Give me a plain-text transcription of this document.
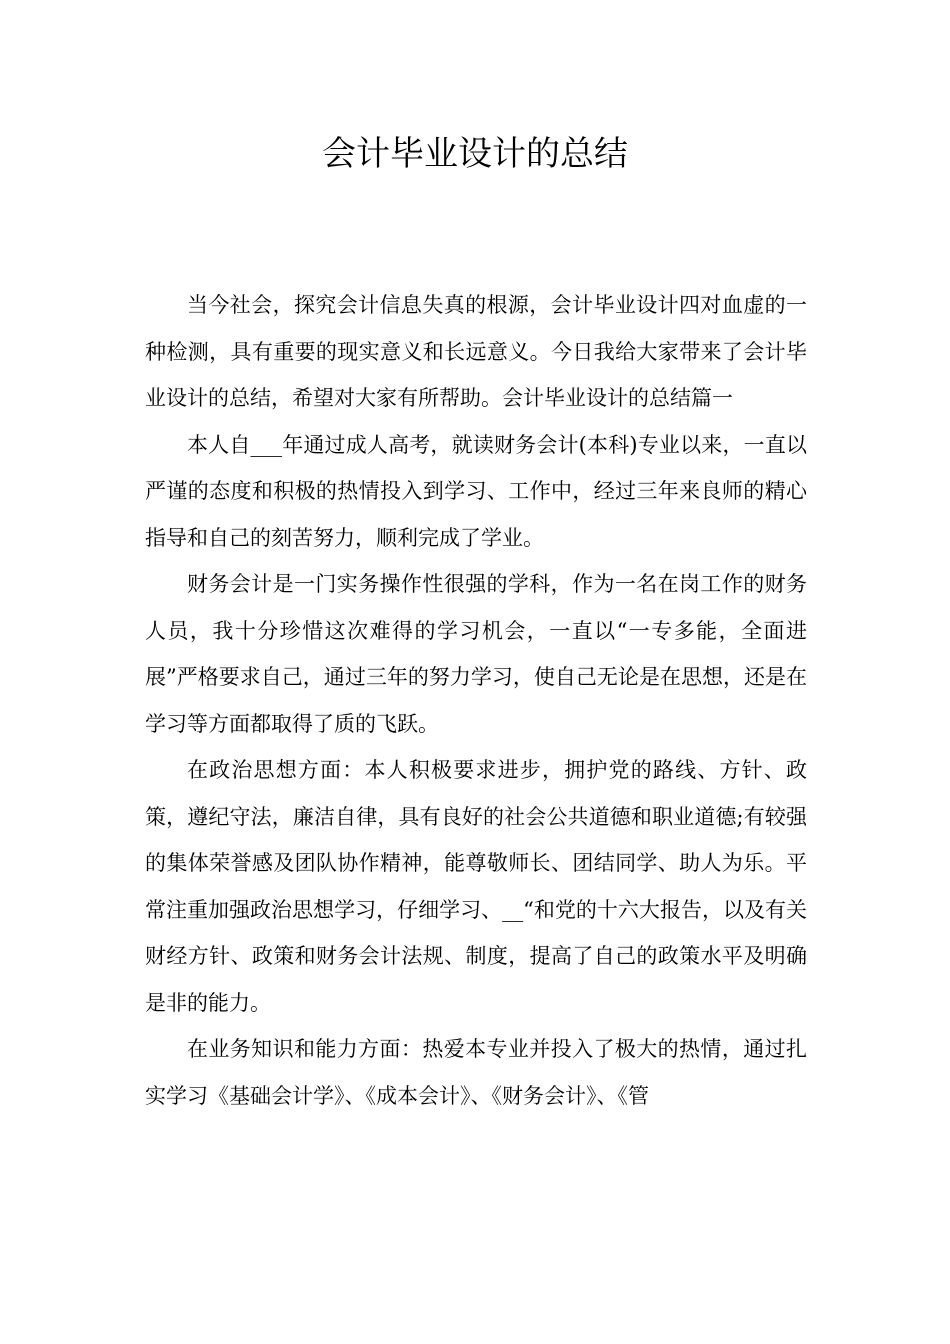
会计毕业设计的总结

当今社会，探究会计信息失真的根源，会计毕业设计四对血虚的一种检测，具有重要的现实意义和长远意义。今日我给大家带来了会计毕业设计的总结，希望对大家有所帮助。会计毕业设计的总结篇一

本人自___年通过成人高考，就读财务会计(本科)专业以来，一直以严谨的态度和积极的热情投入到学习、工作中，经过三年来良师的精心指导和自己的刻苦努力，顺利完成了学业。

财务会计是一门实务操作性很强的学科，作为一名在岗工作的财务人员，我十分珍惜这次难得的学习机会，一直以“一专多能，全面进展”严格要求自己，通过三年的努力学习，使自己无论是在思想，还是在学习等方面都取得了质的飞跃。

在政治思想方面：本人积极要求进步，拥护党的路线、方针、政策，遵纪守法，廉洁自律，具有良好的社会公共道德和职业道德;有较强的集体荣誉感及团队协作精神，能尊敬师长、团结同学、助人为乐。平常注重加强政治思想学习，仔细学习、__“和党的十六大报告，以及有关财经方针、政策和财务会计法规、制度，提高了自己的政策水平及明确是非的能力。

在业务知识和能力方面：热爱本专业并投入了极大的热情，通过扎实学习《基础会计学》、《成本会计》、《财务会计》、《管
